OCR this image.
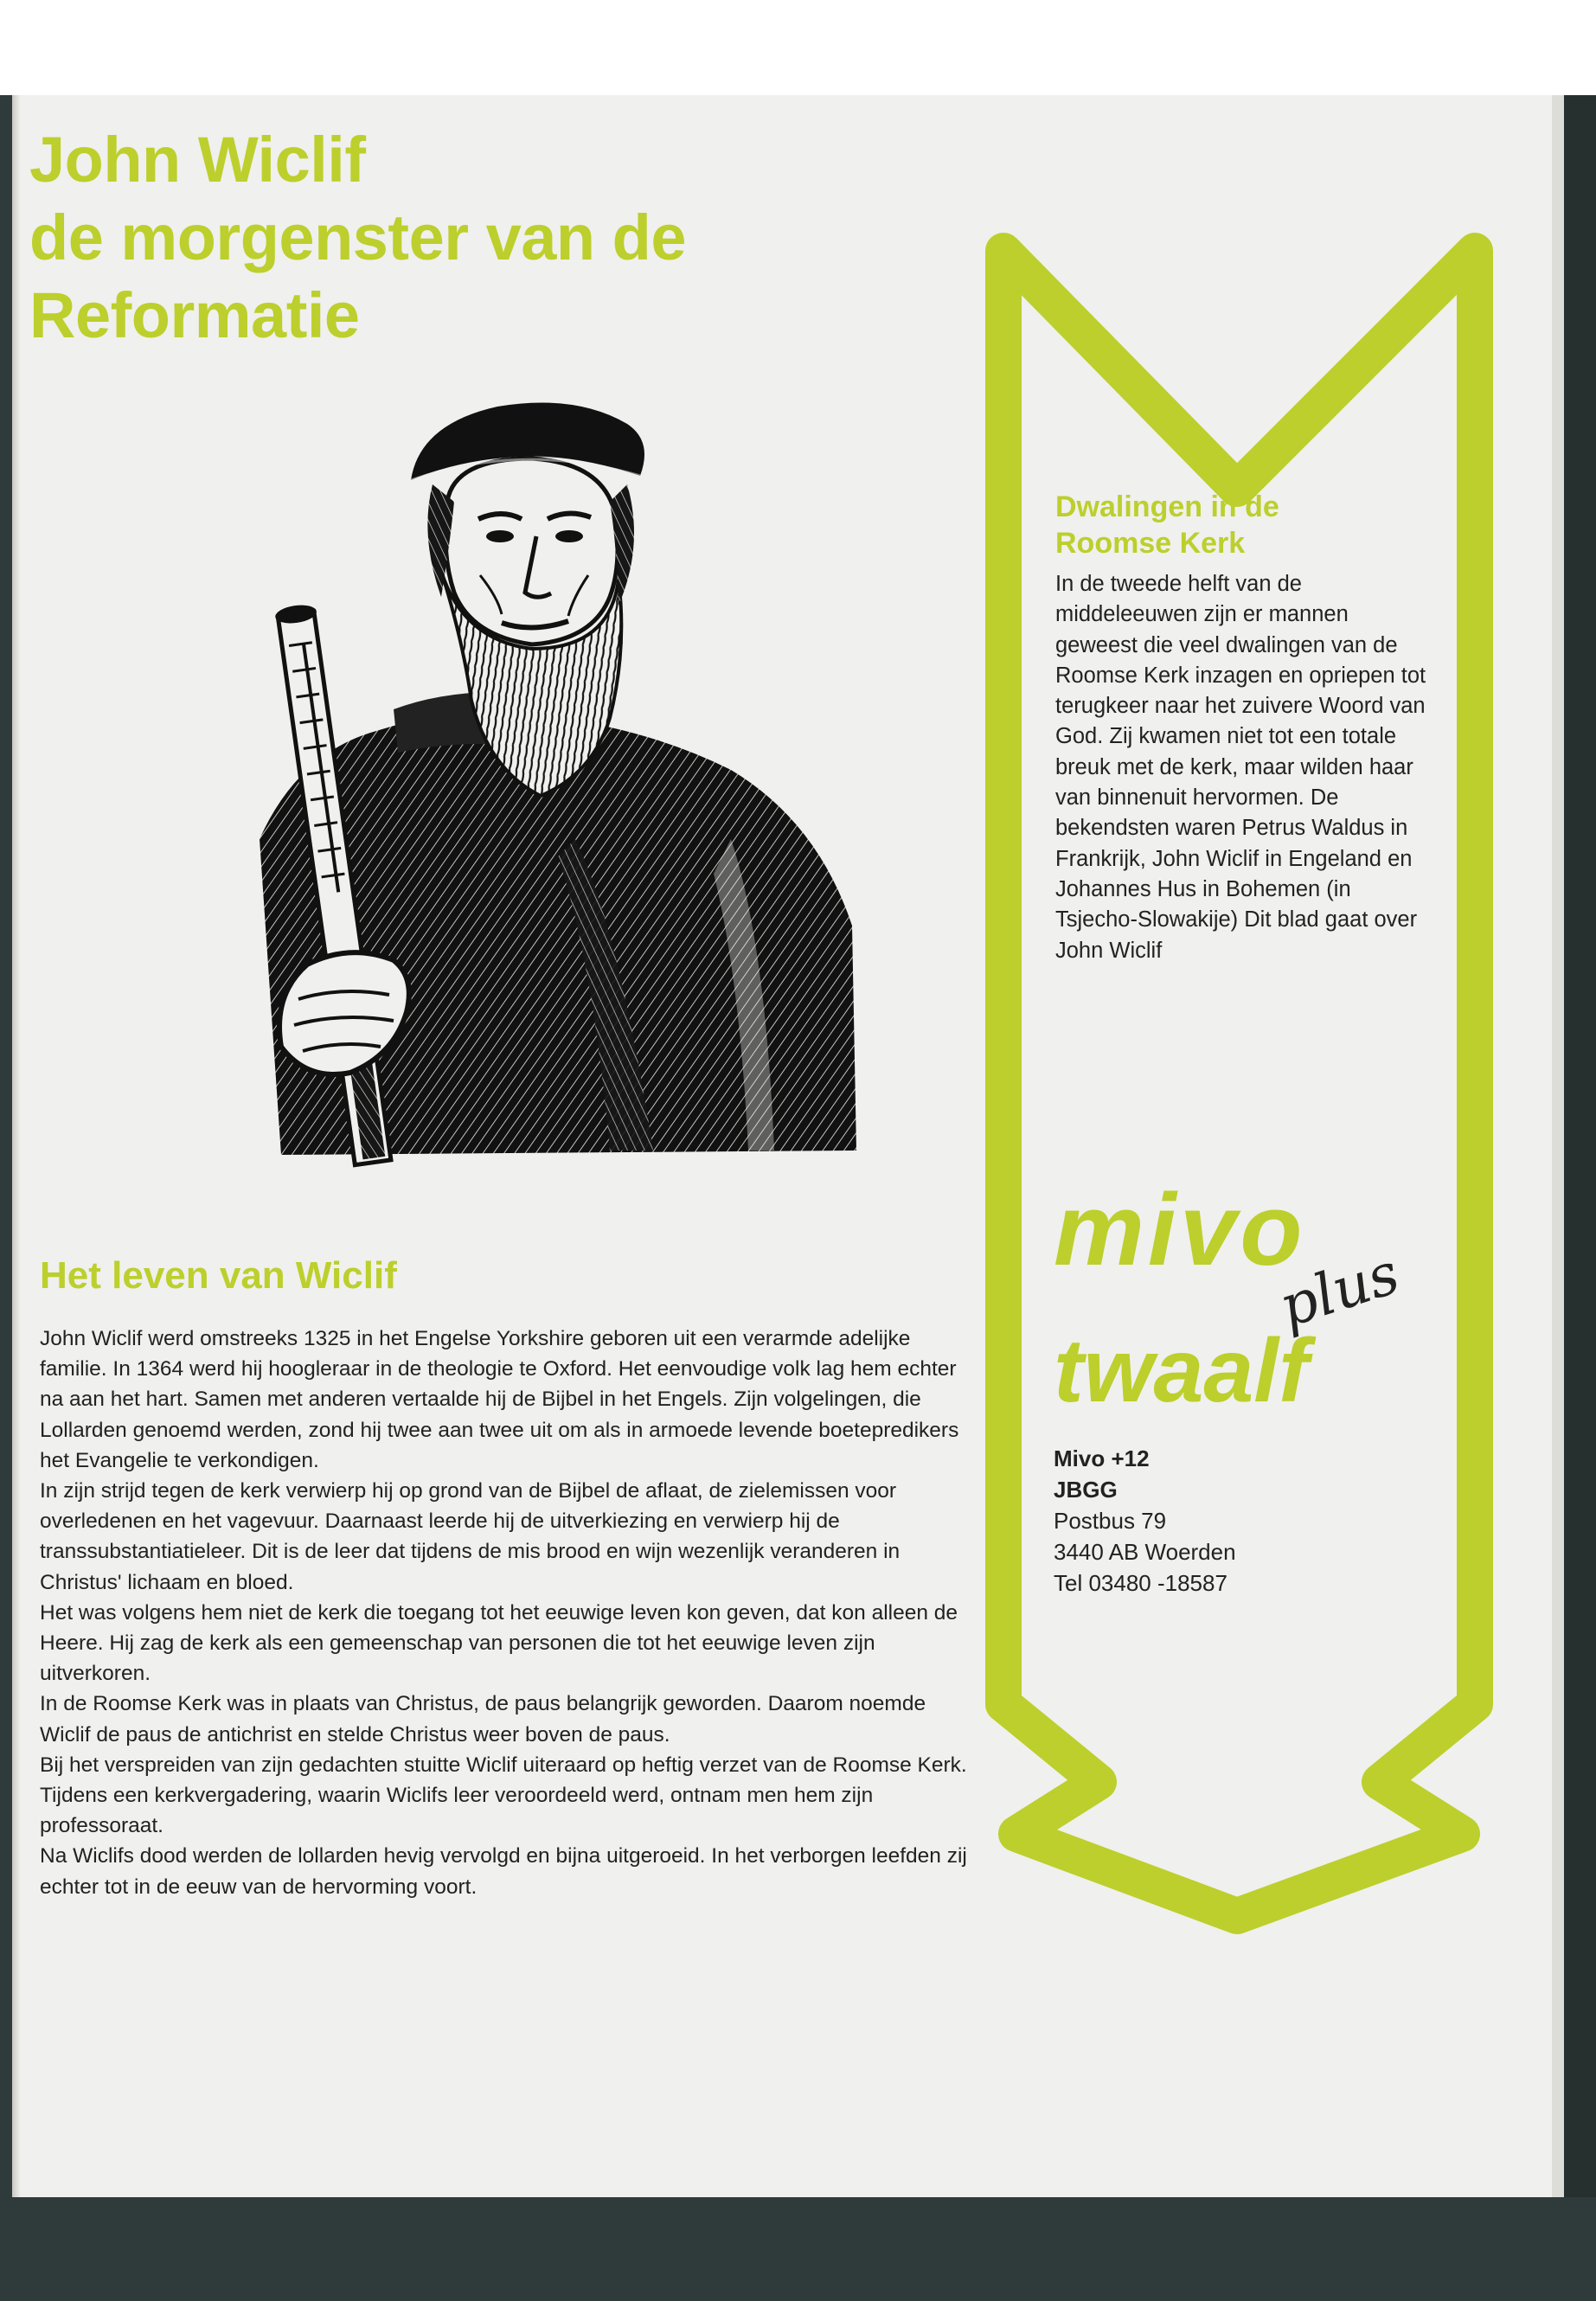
John Wiclif
de morgenster van de
Reformatie
Het leven van Wiclif

John Wiclif werd omstreeks 1325 in het Engelse Yorkshire geboren uit een verarmde adelijke familie. In 1364 werd hij hoogleraar in de theologie te Oxford. Het eenvoudige volk lag hem echter na aan het hart. Samen met anderen vertaalde hij de Bijbel in het Engels. Zijn volgelingen, die Lollarden genoemd werden, zond hij twee aan twee uit om als in armoede levende boetepredikers het Evangelie te verkondigen.

In zijn strijd tegen de kerk verwierp hij op grond van de Bijbel de aflaat, de zielemissen voor overledenen en het vagevuur. Daarnaast leerde hij de uitverkiezing en verwierp hij de transsubstantiatieleer. Dit is de leer dat tijdens de mis brood en wijn wezenlijk veranderen in Christus' lichaam en bloed.

Het was volgens hem niet de kerk die toegang tot het eeuwige leven kon geven, dat kon alleen de Heere. Hij zag de kerk als een gemeenschap van personen die tot het eeuwige leven zijn uitverkoren.

In de Roomse Kerk was in plaats van Christus, de paus belangrijk geworden. Daarom noemde Wiclif de paus de antichrist en stelde Christus weer boven de paus.

Bij het verspreiden van zijn gedachten stuitte Wiclif uiteraard op heftig verzet van de Roomse Kerk. Tijdens een kerkvergadering, waarin Wiclifs leer veroordeeld werd, ontnam men hem zijn professoraat.

Na Wiclifs dood werden de lollarden hevig vervolgd en bijna uitgeroeid. In het verborgen leefden zij echter tot in de eeuw van de hervorming voort.

Dwalingen in de
Roomse Kerk

In de tweede helft van de middeleeuwen zijn er mannen geweest die veel dwalingen van de Roomse Kerk inzagen en opriepen tot terugkeer naar het zuivere Woord van God. Zij kwamen niet tot een totale breuk met de kerk, maar wilden haar van binnenuit hervormen. De bekendsten waren Petrus Waldus in Frankrijk, John Wiclif in Engeland en Johannes Hus in Bohemen (in Tsjecho-Slowakije) Dit blad gaat over John Wiclif

mivo
plus
twaalf
Mivo +12
JBGG
Postbus 79
3440 AB Woerden
Tel 03480 -18587
